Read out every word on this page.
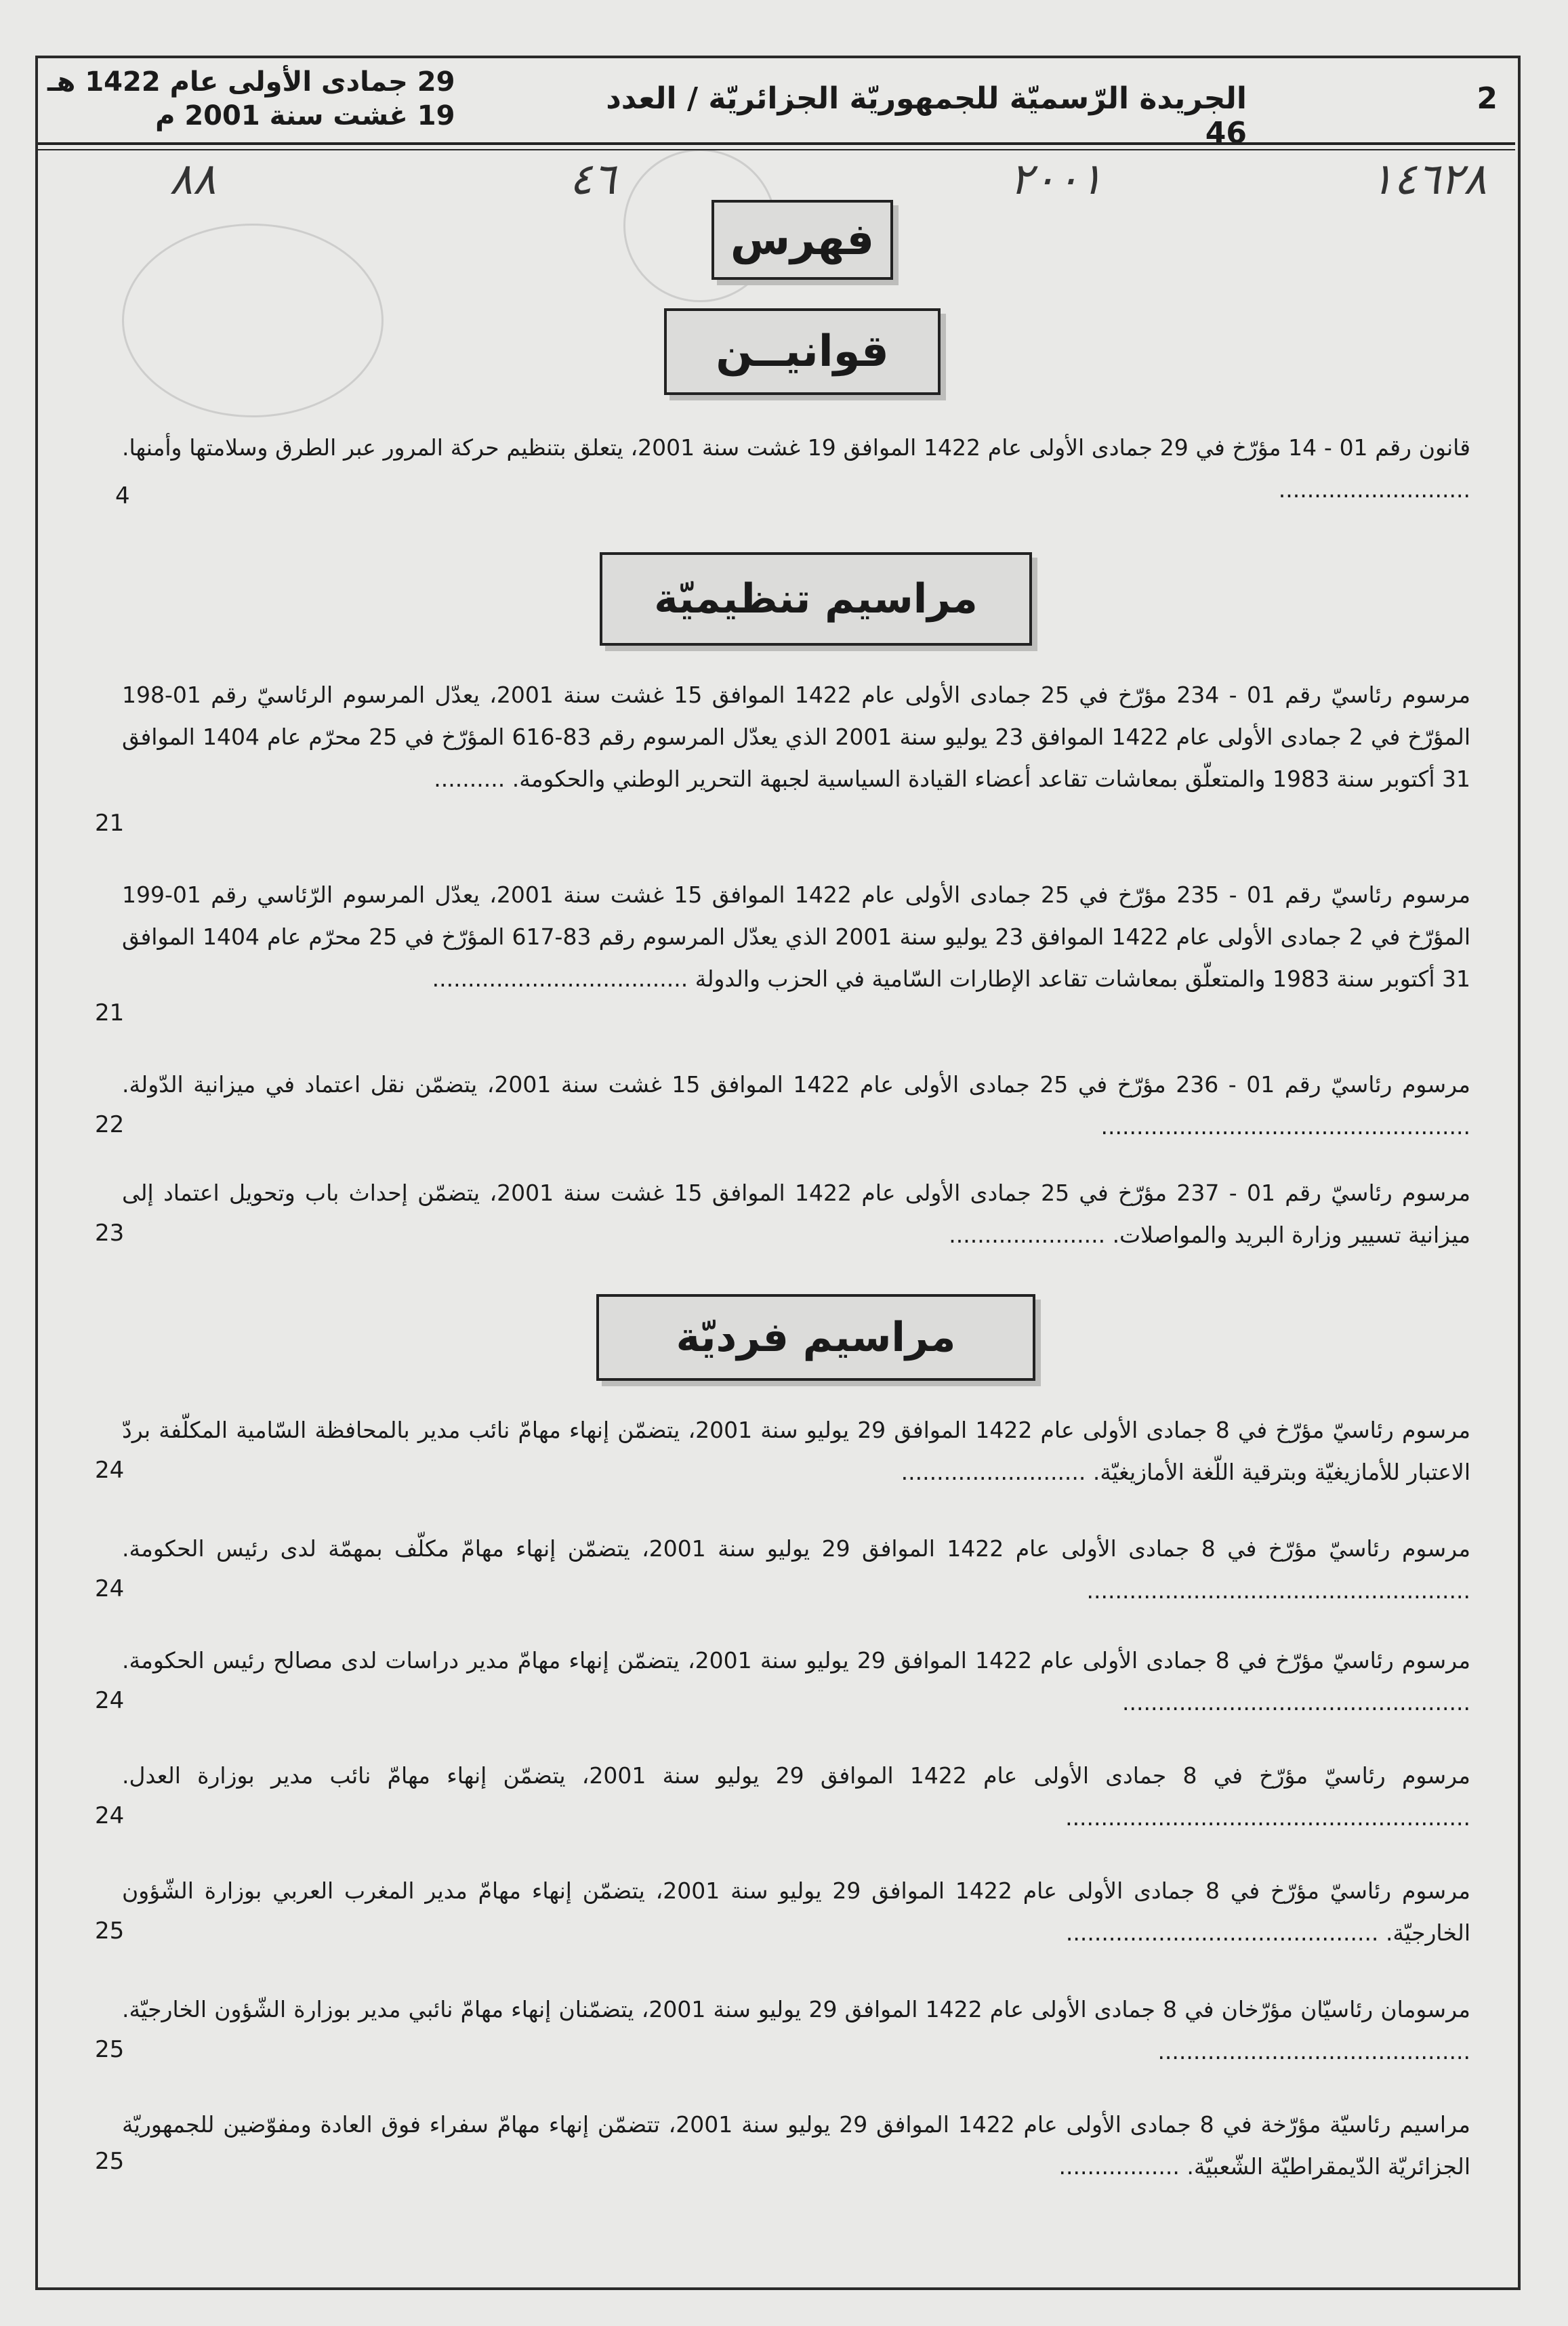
29 جمادى الأولى عام 1422 هـ
19 غشت سنة 2001 م	الجريدة الرّسميّة للجمهوريّة الجزائريّة / العدد 46
2
١٤٦٢٨
٢٠٠١
٤٦
٨٨
فهرس
قوانيــن
قانون رقم 01 - 14 مؤرّخ في 29 جمادى الأولى عام 1422 الموافق 19 غشت سنة 2001، يتعلق بتنظيم حركة المرور عبر الطرق وسلامتها وأمنها. ...........................
4
مراسيم تنظيميّة
مرسوم رئاسيّ رقم 01 - 234 مؤرّخ في 25 جمادى الأولى عام 1422 الموافق 15 غشت سنة 2001، يعدّل المرسوم الرئاسيّ رقم 01-198 المؤرّخ في 2 جمادى الأولى عام 1422 الموافق 23 يوليو سنة 2001 الذي يعدّل المرسوم رقم 83-616 المؤرّخ في 25 محرّم عام 1404 الموافق 31 أكتوبر سنة 1983 والمتعلّق بمعاشات تقاعد أعضاء القيادة السياسية لجبهة التحرير الوطني والحكومة. ..........
21
مرسوم رئاسيّ رقم 01 - 235 مؤرّخ في 25 جمادى الأولى عام 1422 الموافق 15 غشت سنة 2001، يعدّل المرسوم الرّئاسي رقم 01-199 المؤرّخ في 2 جمادى الأولى عام 1422 الموافق 23 يوليو سنة 2001 الذي يعدّل المرسوم رقم 83-617 المؤرّخ في 25 محرّم عام 1404 الموافق 31 أكتوبر سنة 1983 والمتعلّق بمعاشات تقاعد الإطارات السّامية في الحزب والدولة ....................................
21
مرسوم رئاسيّ رقم 01 - 236 مؤرّخ في 25 جمادى الأولى عام 1422 الموافق 15 غشت سنة 2001، يتضمّن نقل اعتماد في ميزانية الدّولة. ....................................................
22
مرسوم رئاسيّ رقم 01 - 237 مؤرّخ في 25 جمادى الأولى عام 1422 الموافق 15 غشت سنة 2001، يتضمّن إحداث باب وتحويل اعتماد إلى ميزانية تسيير وزارة البريد والمواصلات. ......................
23
مراسيم فرديّة
مرسوم رئاسيّ مؤرّخ في 8 جمادى الأولى عام 1422 الموافق 29 يوليو سنة 2001، يتضمّن إنهاء مهامّ نائب مدير بالمحافظة السّامية المكلّفة بردّ الاعتبار للأمازيغيّة وبترقية اللّغة الأمازيغيّة. ..........................
24
مرسوم رئاسيّ مؤرّخ في 8 جمادى الأولى عام 1422 الموافق 29 يوليو سنة 2001، يتضمّن إنهاء مهامّ مكلّف بمهمّة لدى رئيس الحكومة. ......................................................
24
مرسوم رئاسيّ مؤرّخ في 8 جمادى الأولى عام 1422 الموافق 29 يوليو سنة 2001، يتضمّن إنهاء مهامّ مدير دراسات لدى مصالح رئيس الحكومة. .................................................
24
مرسوم رئاسيّ مؤرّخ في 8 جمادى الأولى عام 1422 الموافق 29 يوليو سنة 2001، يتضمّن إنهاء مهامّ نائب مدير بوزارة العدل. .........................................................
24
مرسوم رئاسيّ مؤرّخ في 8 جمادى الأولى عام 1422 الموافق 29 يوليو سنة 2001، يتضمّن إنهاء مهامّ مدير المغرب العربي بوزارة الشّؤون الخارجيّة. ............................................
25
مرسومان رئاسيّان مؤرّخان في 8 جمادى الأولى عام 1422 الموافق 29 يوليو سنة 2001، يتضمّنان إنهاء مهامّ نائبي مدير بوزارة الشّؤون الخارجيّة. ............................................
25
مراسيم رئاسيّة مؤرّخة في 8 جمادى الأولى عام 1422 الموافق 29 يوليو سنة 2001، تتضمّن إنهاء مهامّ سفراء فوق العادة ومفوّضين للجمهوريّة الجزائريّة الدّيمقراطيّة الشّعبيّة. .................
25
